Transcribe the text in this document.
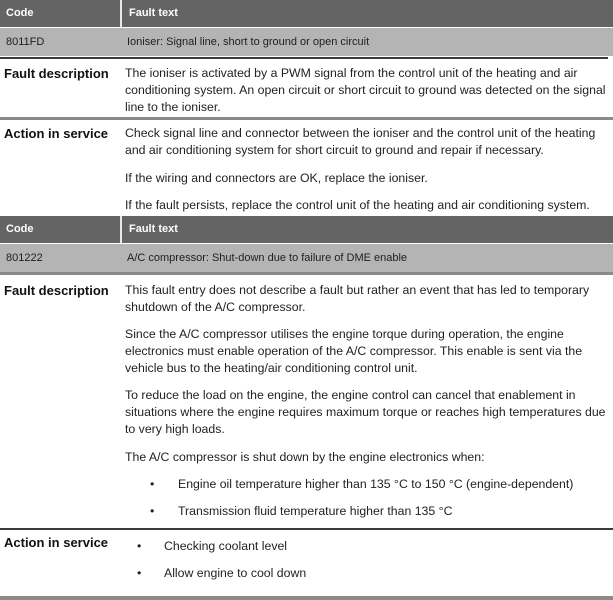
Code	Fault text
8011FD	Ioniser: Signal line, short to ground or open circuit
Fault description The ioniser is activated by a PWM signal from the control unit of the heating and air conditioning system. An open circuit or short circuit to ground was detected on the signal line to the ioniser.
Action in service Check signal line and connector between the ioniser and the control unit of the heating and air conditioning system for short circuit to ground and repair if necessary.
If the wiring and connectors are OK, replace the ioniser.
If the fault persists, replace the control unit of the heating and air conditioning system.
Code	Fault text
801222	A/C compressor: Shut-down due to failure of DME enable
Fault description This fault entry does not describe a fault but rather an event that has led to temporary shutdown of the A/C compressor.
Since the A/C compressor utilises the engine torque during operation, the engine electronics must enable operation of the A/C compressor. This enable is sent via the vehicle bus to the heating/air conditioning control unit.
To reduce the load on the engine, the engine control can cancel that enablement in situations where the engine requires maximum torque or reaches high temperatures due to very high loads.
The A/C compressor is shut down by the engine electronics when:
• Engine oil temperature higher than 135 °C to 150 °C (engine-dependent)
• Transmission fluid temperature higher than 135 °C
Action in service • Checking coolant level
• Allow engine to cool down
